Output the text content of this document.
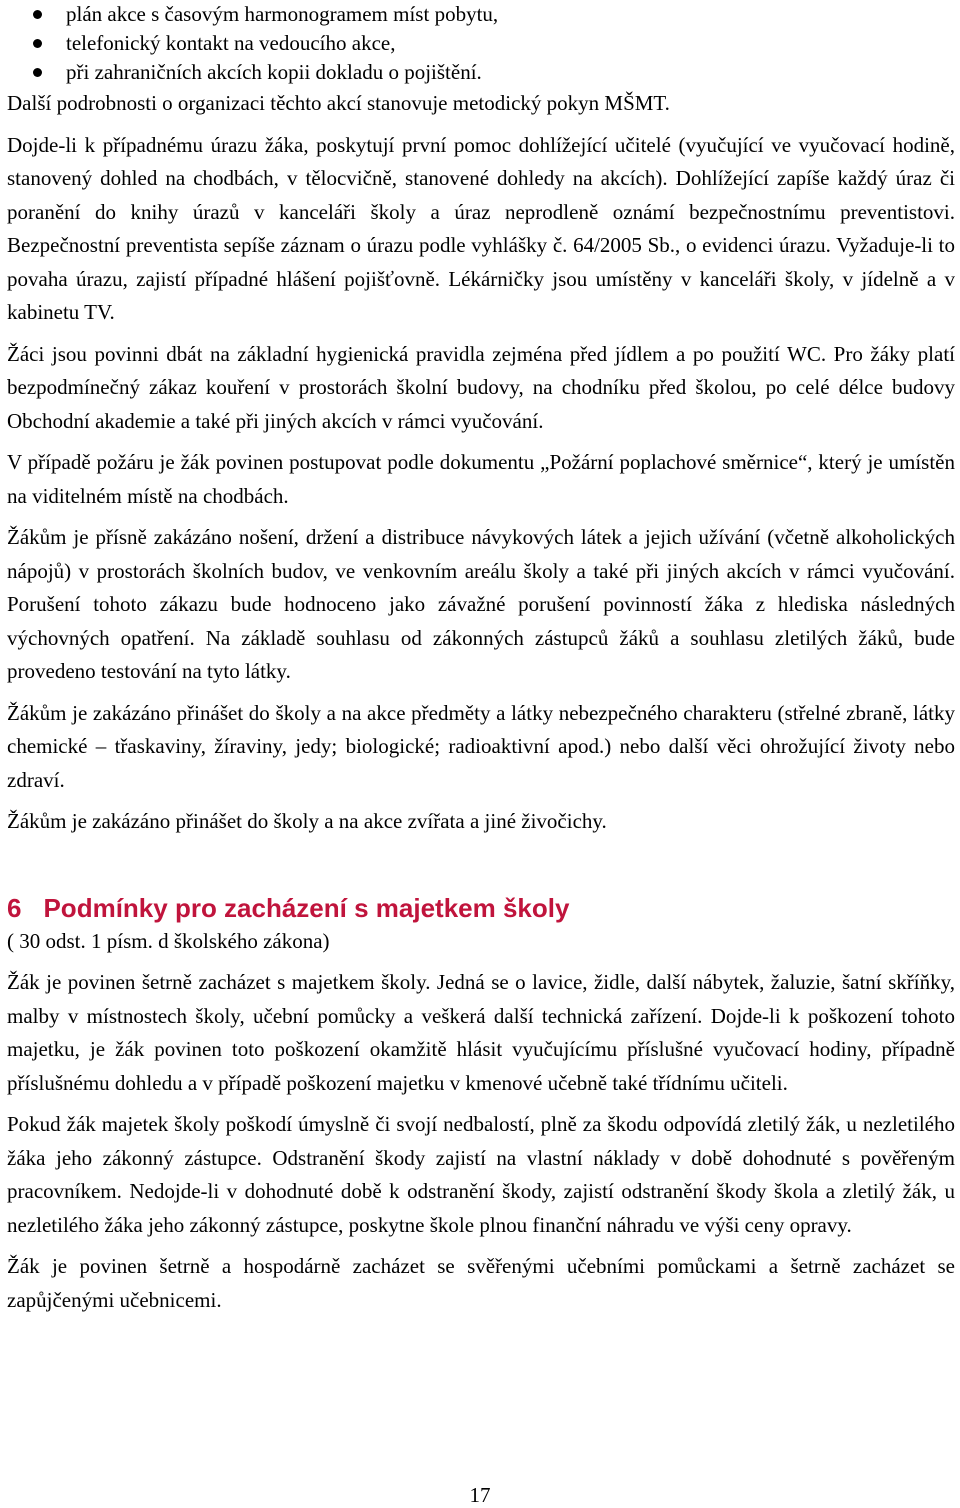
plán akce s časovým harmonogramem míst pobytu,
telefonický kontakt na vedoucího akce,
při zahraničních akcích kopii dokladu o pojištění.

Další podrobnosti o organizaci těchto akcí stanovuje metodický pokyn MŠMT.

Dojde-li k případnému úrazu žáka, poskytují první pomoc dohlížející učitelé (vyučující ve vyučovací hodině, stanovený dohled na chodbách, v tělocvičně, stanovené dohledy na akcích). Dohlížející zapíše každý úraz či poranění do knihy úrazů v kanceláři školy a úraz neprodleně oznámí bezpečnostnímu preventistovi. Bezpečnostní preventista sepíše záznam o úrazu podle vyhlášky č. 64/2005 Sb., o evidenci úrazu. Vyžaduje-li to povaha úrazu, zajistí případné hlášení pojišťovně. Lékárničky jsou umístěny v kanceláři školy, v jídelně a v kabinetu TV.

Žáci jsou povinni dbát na základní hygienická pravidla zejména před jídlem a po použití WC. Pro žáky platí bezpodmínečný zákaz kouření v prostorách školní budovy, na chodníku před školou, po celé délce budovy Obchodní akademie a také při jiných akcích v rámci vyučování.

V případě požáru je žák povinen postupovat podle dokumentu „Požární poplachové směrnice“, který je umístěn na viditelném místě na chodbách.

Žákům je přísně zakázáno nošení, držení a distribuce návykových látek a jejich užívání (včetně alkoholických nápojů) v prostorách školních budov, ve venkovním areálu školy a také při jiných akcích v rámci vyučování. Porušení tohoto zákazu bude hodnoceno jako závažné porušení povinností žáka z hlediska následných výchovných opatření. Na základě souhlasu od zákonných zástupců žáků a souhlasu zletilých žáků, bude provedeno testování na tyto látky.

Žákům je zakázáno přinášet do školy a na akce předměty a látky nebezpečného charakteru (střelné zbraně, látky chemické – třaskaviny, žíraviny, jedy; biologické; radioaktivní apod.) nebo další věci ohrožující životy nebo zdraví.

Žákům je zakázáno přinášet do školy a na akce zvířata a jiné živočichy.

6 Podmínky pro zacházení s majetkem školy

( 30 odst. 1 písm. d školského zákona)

Žák je povinen šetrně zacházet s majetkem školy. Jedná se o lavice, židle, další nábytek, žaluzie, šatní skříňky, malby v místnostech školy, učební pomůcky a veškerá další technická zařízení. Dojde-li k poškození tohoto majetku, je žák povinen toto poškození okamžitě hlásit vyučujícímu příslušné vyučovací hodiny, případně příslušnému dohledu a v případě poškození majetku v kmenové učebně také třídnímu učiteli.

Pokud žák majetek školy poškodí úmyslně či svojí nedbalostí, plně za škodu odpovídá zletilý žák, u nezletilého žáka jeho zákonný zástupce. Odstranění škody zajistí na vlastní náklady v době dohodnuté s pověřeným pracovníkem. Nedojde-li v dohodnuté době k odstranění škody, zajistí odstranění škody škola a zletilý žák, u nezletilého žáka jeho zákonný zástupce, poskytne škole plnou finanční náhradu ve výši ceny opravy.

Žák je povinen šetrně a hospodárně zacházet se svěřenými učebními pomůckami a šetrně zacházet se zapůjčenými učebnicemi.

17
